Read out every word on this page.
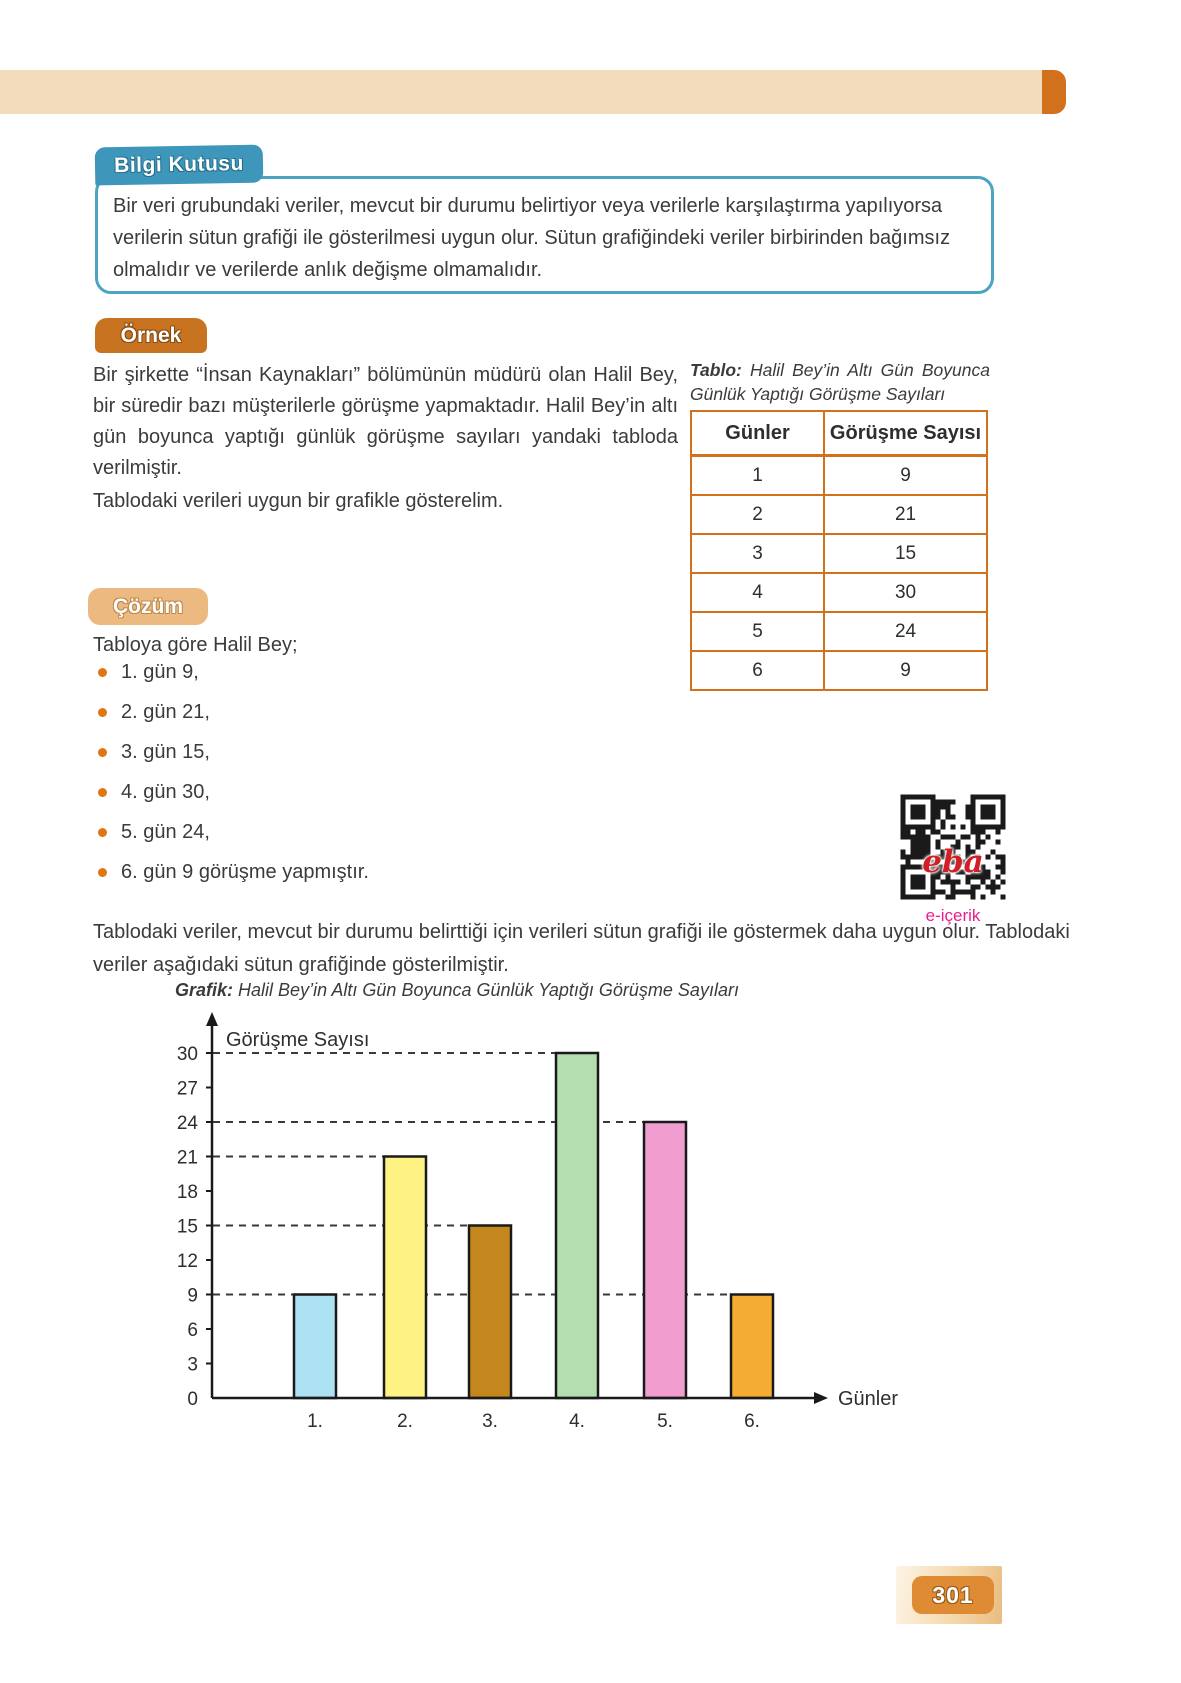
Bilgi Kutusu
Bir veri grubundaki veriler, mevcut bir durumu belirtiyor veya verilerle karşılaştırma yapılıyorsa verilerin sütun grafiği ile gösterilmesi uygun olur. Sütun grafiğindeki veriler birbirinden bağımsız olmalıdır ve verilerde anlık değişme olmamalıdır.
Örnek
Bir şirkette “İnsan Kaynakları” bölümünün müdürü olan Halil Bey, bir süredir bazı müşterilerle görüşme yapmaktadır. Halil Bey’in altı gün boyunca yaptığı günlük görüşme sayıları yandaki tabloda verilmiştir.
Tablodaki verileri uygun bir grafikle gösterelim.
Tablo: Halil Bey’in Altı Gün Boyunca Günlük Yaptığı Görüşme Sayıları
Günler	Görüşme Sayısı
1	9
2	21
3	15
4	30
5	24
6	9
Çözüm
Tabloya göre Halil Bey;
1. gün 9,
2. gün 21,
3. gün 15,
4. gün 30,
5. gün 24,
6. gün 9 görüşme yapmıştır.
Tablodaki veriler, mevcut bir durumu belirttiği için verileri sütun grafiği ile göstermek daha uygun olur. Tablodaki veriler aşağıdaki sütun grafiğinde gösterilmiştir.
eba
e-içerik
Grafik: Halil Bey’in Altı Gün Boyunca Günlük Yaptığı Görüşme Sayıları
0
3
6
9
12
15
18
21
24
27
30
1.	2.	3.	4.	5.	6.
Görüşme Sayısı
Günler
301
